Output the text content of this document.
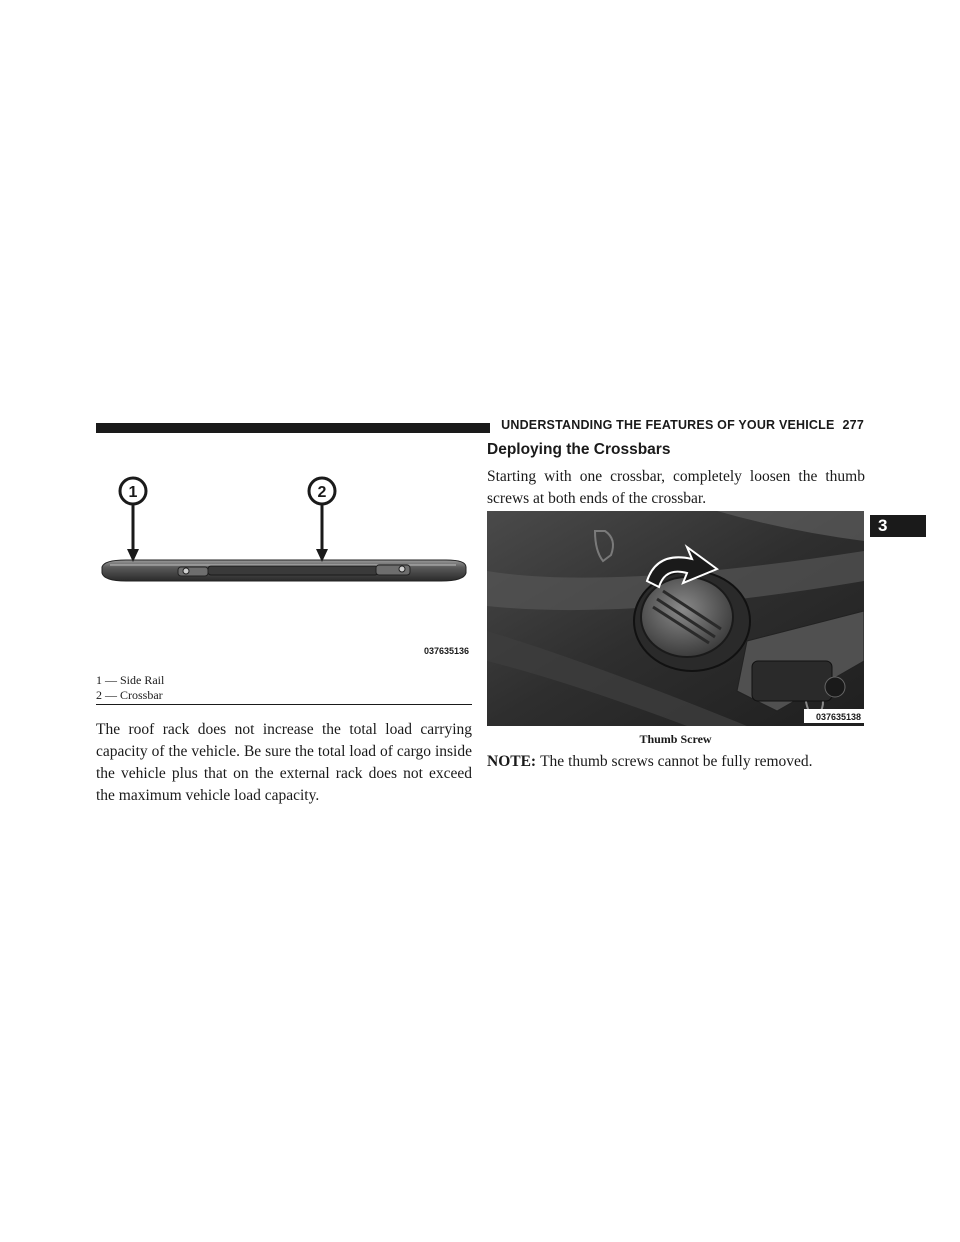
UNDERSTANDING THE FEATURES OF YOUR VEHICLE 277
3
1	2
037635136
1 — Side Rail
2 — Crossbar

The roof rack does not increase the total load carrying capacity of the vehicle. Be sure the total load of cargo inside the vehicle plus that on the external rack does not exceed the maximum vehicle load capacity.

Deploying the Crossbars

Starting with one crossbar, completely loosen the thumb screws at both ends of the crossbar.

037635138
Thumb Screw
NOTE: The thumb screws cannot be fully removed.
